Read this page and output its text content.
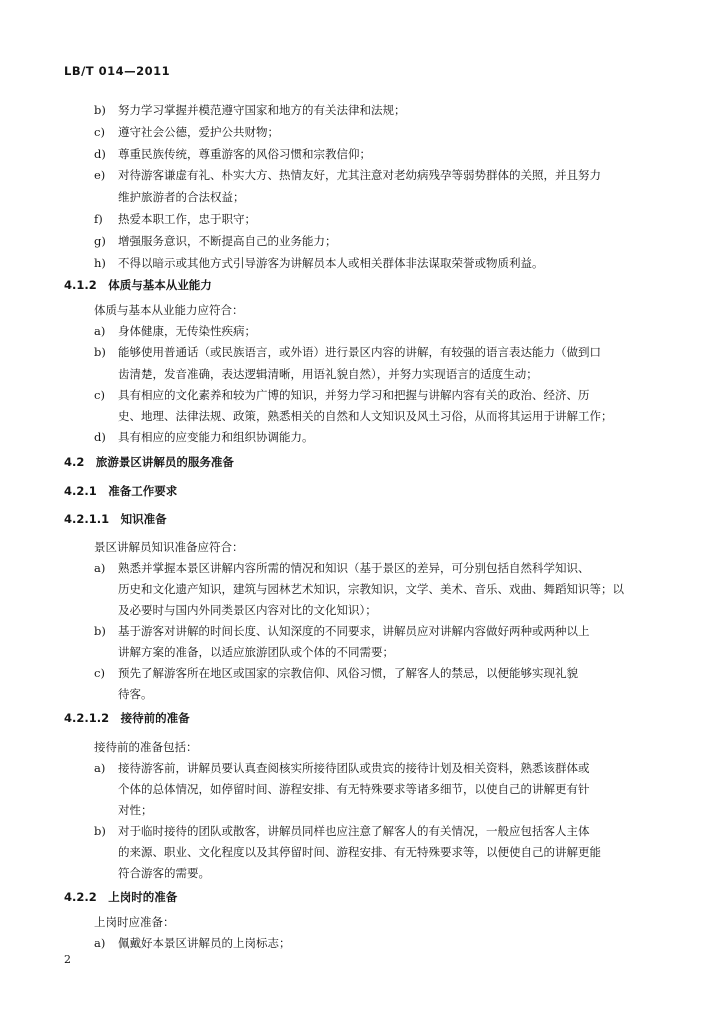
LB/T 014—2011
b) 努力学习掌握并模范遵守国家和地方的有关法律和法规；
c) 遵守社会公德，爱护公共财物；
d) 尊重民族传统，尊重游客的风俗习惯和宗教信仰；
e) 对待游客谦虚有礼、朴实大方、热情友好，尤其注意对老幼病残孕等弱势群体的关照，并且努力
维护旅游者的合法权益；
f) 热爱本职工作，忠于职守；
g) 增强服务意识，不断提高自己的业务能力；
h) 不得以暗示或其他方式引导游客为讲解员本人或相关群体非法谋取荣誉或物质利益。
4.1.2　体质与基本从业能力
体质与基本从业能力应符合：
a) 身体健康，无传染性疾病；
b) 能够使用普通话（或民族语言，或外语）进行景区内容的讲解，有较强的语言表达能力（做到口
齿清楚，发音准确，表达逻辑清晰，用语礼貌自然），并努力实现语言的适度生动；
c) 具有相应的文化素养和较为广博的知识，并努力学习和把握与讲解内容有关的政治、经济、历
史、地理、法律法规、政策，熟悉相关的自然和人文知识及风土习俗，从而将其运用于讲解工作；
d) 具有相应的应变能力和组织协调能力。
4.2　旅游景区讲解员的服务准备
4.2.1　准备工作要求
4.2.1.1　知识准备
景区讲解员知识准备应符合：
a) 熟悉并掌握本景区讲解内容所需的情况和知识（基于景区的差异，可分别包括自然科学知识、
历史和文化遗产知识，建筑与园林艺术知识，宗教知识，文学、美术、音乐、戏曲、舞蹈知识等；以
及必要时与国内外同类景区内容对比的文化知识）；
b) 基于游客对讲解的时间长度、认知深度的不同要求，讲解员应对讲解内容做好两种或两种以上
讲解方案的准备，以适应旅游团队或个体的不同需要；
c) 预先了解游客所在地区或国家的宗教信仰、风俗习惯，了解客人的禁忌，以便能够实现礼貌
待客。
4.2.1.2　接待前的准备
接待前的准备包括：
a) 接待游客前，讲解员要认真查阅核实所接待团队或贵宾的接待计划及相关资料，熟悉该群体或
个体的总体情况，如停留时间、游程安排、有无特殊要求等诸多细节，以使自己的讲解更有针
对性；
b) 对于临时接待的团队或散客，讲解员同样也应注意了解客人的有关情况，一般应包括客人主体
的来源、职业、文化程度以及其停留时间、游程安排、有无特殊要求等，以便使自己的讲解更能
符合游客的需要。
4.2.2　上岗时的准备
上岗时应准备：
a) 佩戴好本景区讲解员的上岗标志；
2
